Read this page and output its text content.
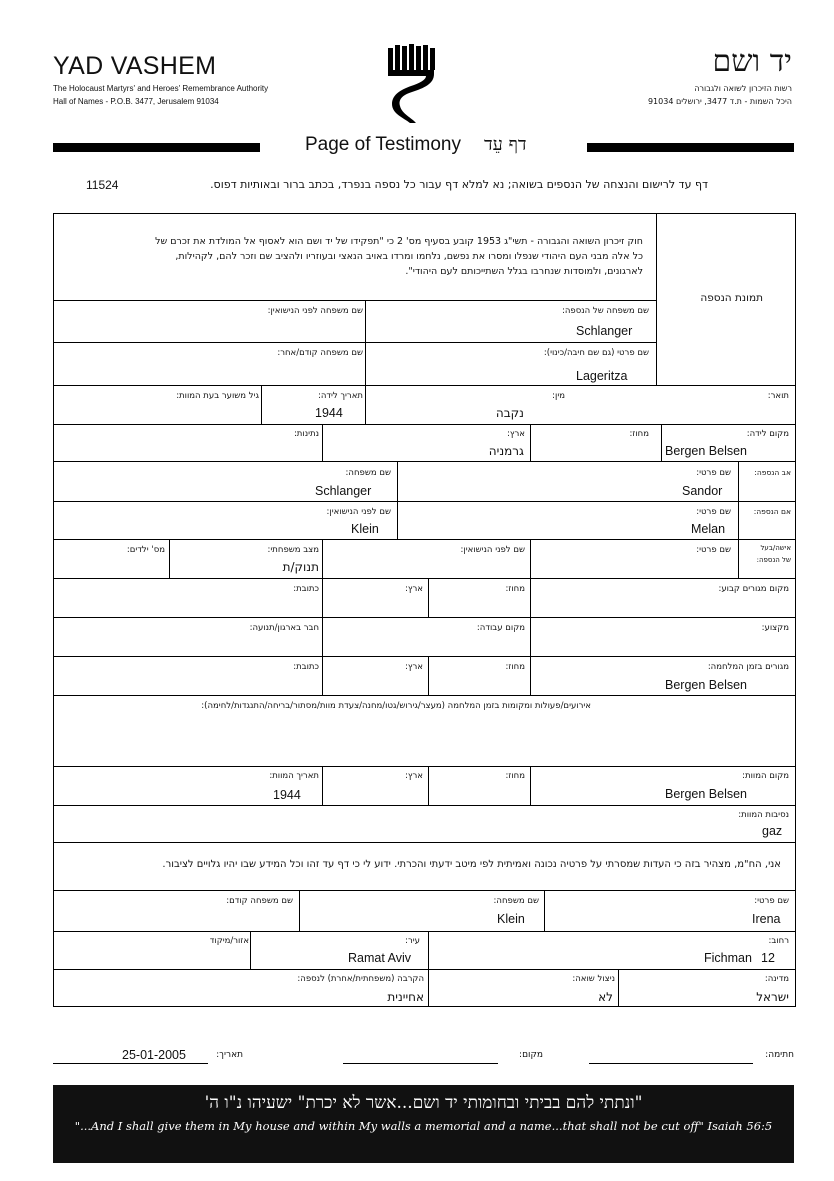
YAD VASHEM
The Holocaust Martyrs' and Heroes' Remembrance Authority
Hall of Names - P.O.B. 3477, Jerusalem 91034
יד ושם
רשות הזיכרון לשואה ולגבורה
היכל השמות - ת.ד 3477, ירושלים 91034
Page of Testimony דף עֵד
דף עד לרישום והנצחה של הנספים בשואה; נא למלא דף עבור כל נספה בנפרד, בכתב ברור ובאותיות דפוס.
11524
חוק זיכרון השואה והגבורה - תשי"ג 1953 קובע בסעיף מס' 2 כי "תפקידו של יד ושם הוא לאסוף אל המולדת את זכרם של
כל אלה מבני העם היהודי שנפלו ומסרו את נפשם, נלחמו ומרדו באויב הנאצי ובעוזריו ולהציב שם וזכר להם, לקהילות,
לארגונים, ולמוסדות שנחרבו בגלל השתייכותם לעם היהודי".
תמונת הנספה
שם משפחה של הנספה:
Schlanger
שם משפחה לפני הנישואין:
שם פרטי (גם שם חיבה/כינוי):
Lageritza
שם משפחה קודם/אחר:
תואר:
מין:
נקבה
תאריך לידה:
1944
גיל משוער בעת המוות:
מקום לידה:
Bergen Belsen
מחוז:
ארץ:
גרמניה
נתינות:
אב הנספה:
שם פרטי:
Sandor
שם משפחה:
Schlanger
אם הנספה:
שם פרטי:
Melan
שם לפני הנישואין:
Klein
אישה/בעל
של הנספה:
שם פרטי:
שם לפני הנישואין:
מצב משפחתי:
תנוק/ת
מס' ילדים:
מקום מגורים קבוע:
מחוז:
ארץ:
כתובת:
מקצוע:
מקום עבודה:
חבר בארגון/תנועה:
מגורים בזמן המלחמה:
Bergen Belsen
מחוז:
ארץ:
כתובת:
אירועים/פעולות ומקומות בזמן המלחמה (מעצר/גירוש/גטו/מחנה/צעדת מוות/מסתור/בריחה/התנגדות/לחימה):
מקום המוות:
Bergen Belsen
מחוז:
ארץ:
תאריך המוות:
1944
נסיבות המוות:
gaz
אני, הח"מ, מצהיר בזה כי העדות שמסרתי על פרטיה נכונה ואמיתית לפי מיטב ידעתי והכרתי. ידוע לי כי דף עד זהו וכל המידע שבו יהיו גלויים לציבור.
שם פרטי:
Irena
שם משפחה:
Klein
שם משפחה קודם:
רחוב:
Fichman 12
עיר:
Ramat Aviv
אזור/מיקוד
מדינה:
ישראל
ניצול שואה:
לא
הקרבה (משפחתית/אחרת) לנספה:
אחיינית
חתימה:
מקום:
תאריך:
25-01-2005
"ונתתי להם בביתי ובחומותי יד ושם...אשר לא יכרת" ישעיהו נ"ו ה'
"...And I shall give them in My house and within My walls a memorial and a name...that shall not be cut off" Isaiah 56:5
